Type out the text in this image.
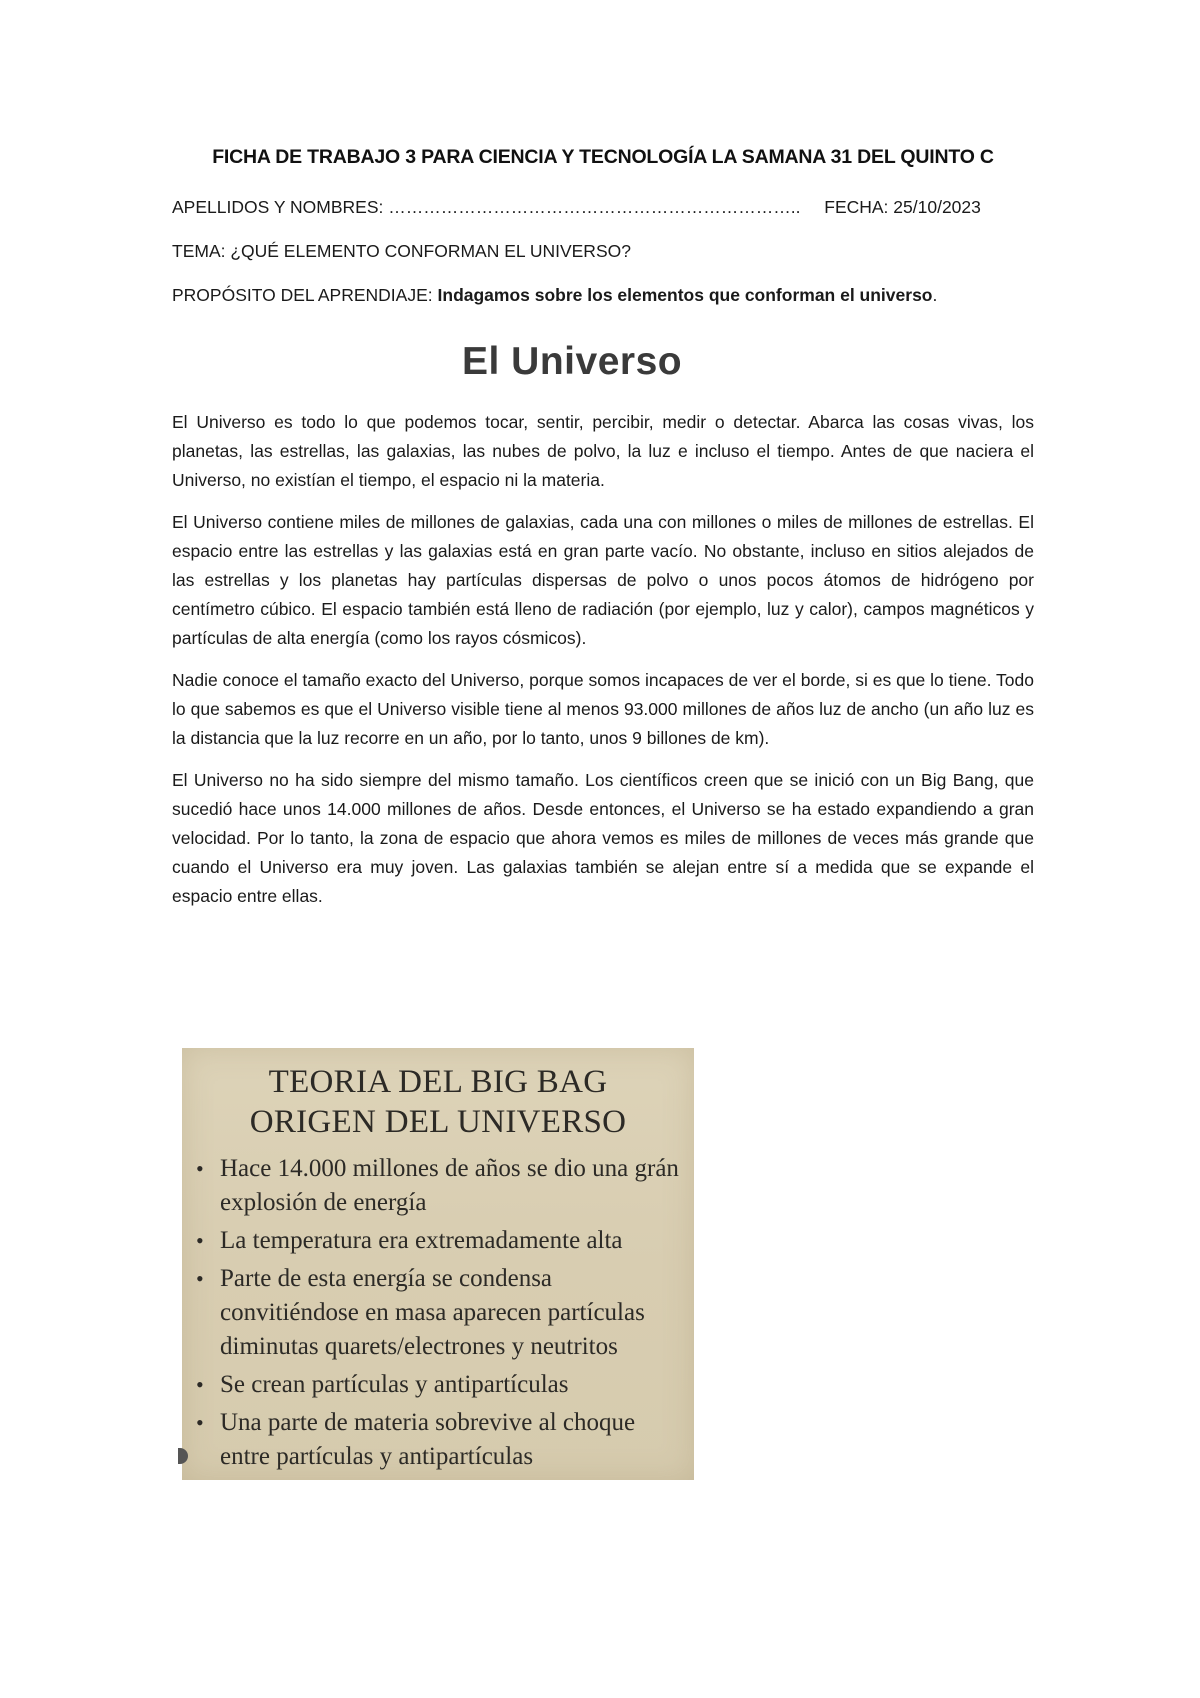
FICHA DE TRABAJO 3 PARA CIENCIA Y TECNOLOGÍA LA SAMANA 31 DEL QUINTO C
APELLIDOS Y NOMBRES: …………………………………………………………….. FECHA: 25/10/2023
TEMA: ¿QUÉ ELEMENTO CONFORMAN EL UNIVERSO?
PROPÓSITO DEL APRENDIAJE: Indagamos sobre los elementos que conforman el universo.
El Universo

El Universo es todo lo que podemos tocar, sentir, percibir, medir o detectar. Abarca las cosas vivas, los planetas, las estrellas, las galaxias, las nubes de polvo, la luz e incluso el tiempo. Antes de que naciera el Universo, no existían el tiempo, el espacio ni la materia.

El Universo contiene miles de millones de galaxias, cada una con millones o miles de millones de estrellas. El espacio entre las estrellas y las galaxias está en gran parte vacío. No obstante, incluso en sitios alejados de las estrellas y los planetas hay partículas dispersas de polvo o unos pocos átomos de hidrógeno por centímetro cúbico. El espacio también está lleno de radiación (por ejemplo, luz y calor), campos magnéticos y partículas de alta energía (como los rayos cósmicos).

Nadie conoce el tamaño exacto del Universo, porque somos incapaces de ver el borde, si es que lo tiene. Todo lo que sabemos es que el Universo visible tiene al menos 93.000 millones de años luz de ancho (un año luz es la distancia que la luz recorre en un año, por lo tanto, unos 9 billones de km).

El Universo no ha sido siempre del mismo tamaño. Los científicos creen que se inició con un Big Bang, que sucedió hace unos 14.000 millones de años. Desde entonces, el Universo se ha estado expandiendo a gran velocidad. Por lo tanto, la zona de espacio que ahora vemos es miles de millones de veces más grande que cuando el Universo era muy joven. Las galaxias también se alejan entre sí a medida que se expande el espacio entre ellas.

TEORIA DEL BIG BAG
ORIGEN DEL UNIVERSO
• Hace 14.000 millones de años se dio una grán explosión de energía
• La temperatura era extremadamente alta
• Parte de esta energía se condensa convitiéndose en masa aparecen partículas diminutas quarets/electrones y neutritos
• Se crean partículas y antipartículas
• Una parte de materia sobrevive al choque entre partículas y antipartículas
